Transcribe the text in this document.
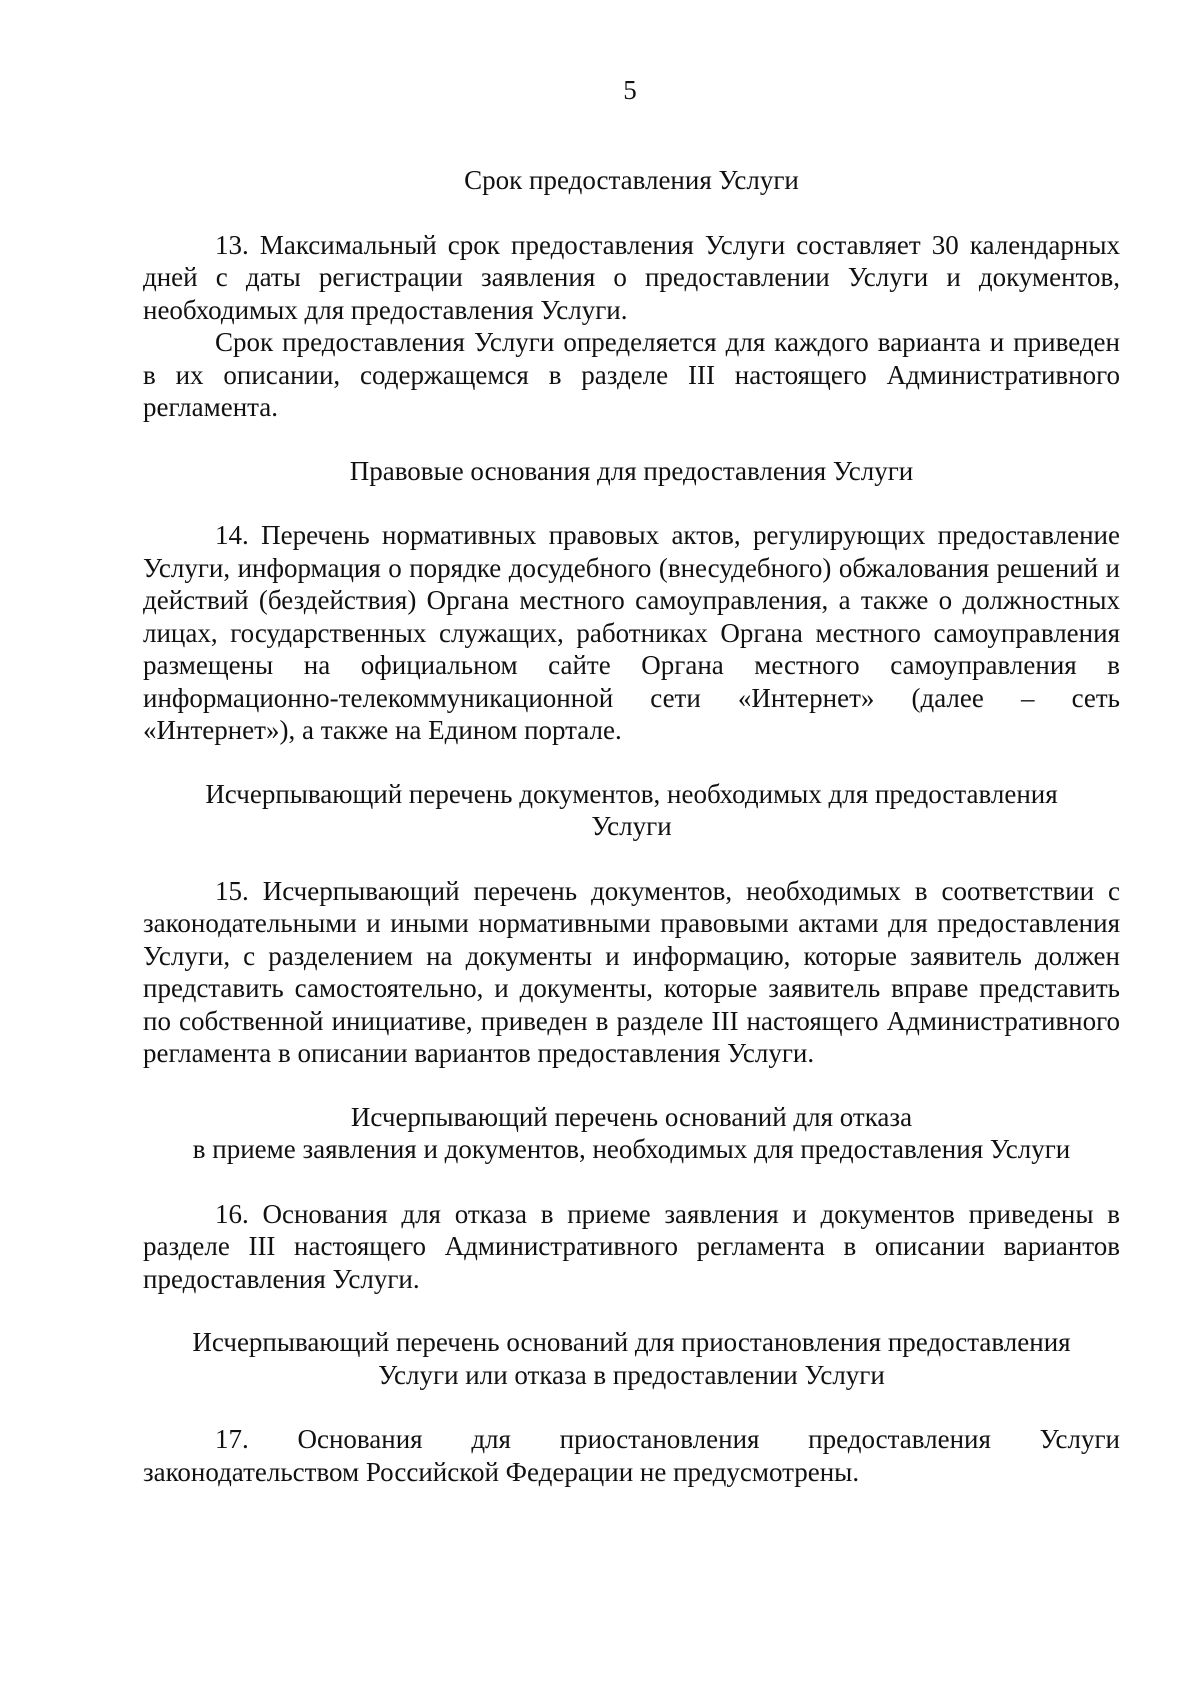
5

Срок предоставления Услуги

13. Максимальный срок предоставления Услуги составляет 30 календарных дней с даты регистрации заявления о предоставлении Услуги и документов, необходимых для предоставления Услуги.

Срок предоставления Услуги определяется для каждого варианта и приведен в их описании, содержащемся в разделе III настоящего Административного регламента.

Правовые основания для предоставления Услуги

14. Перечень нормативных правовых актов, регулирующих предоставление Услуги, информация о порядке досудебного (внесудебного) обжалования решений и действий (бездействия) Органа местного самоуправления, а также о должностных лицах, государственных служащих, работниках Органа местного самоуправления размещены на официальном сайте Органа местного самоуправления в информационно-телекоммуникационной сети «Интернет» (далее – сеть «Интернет»), а также на Едином портале.

Исчерпывающий перечень документов, необходимых для предоставления

Услуги

15. Исчерпывающий перечень документов, необходимых в соответствии с законодательными и иными нормативными правовыми актами для предоставления Услуги, с разделением на документы и информацию, которые заявитель должен представить самостоятельно, и документы, которые заявитель вправе представить по собственной инициативе, приведен в разделе III настоящего Административного регламента в описании вариантов предоставления Услуги.

Исчерпывающий перечень оснований для отказа

в приеме заявления и документов, необходимых для предоставления Услуги

16. Основания для отказа в приеме заявления и документов приведены в разделе III настоящего Административного регламента в описании вариантов предоставления Услуги.

Исчерпывающий перечень оснований для приостановления предоставления

Услуги или отказа в предоставлении Услуги

17. Основания для приостановления предоставления Услуги законодательством Российской Федерации не предусмотрены.
